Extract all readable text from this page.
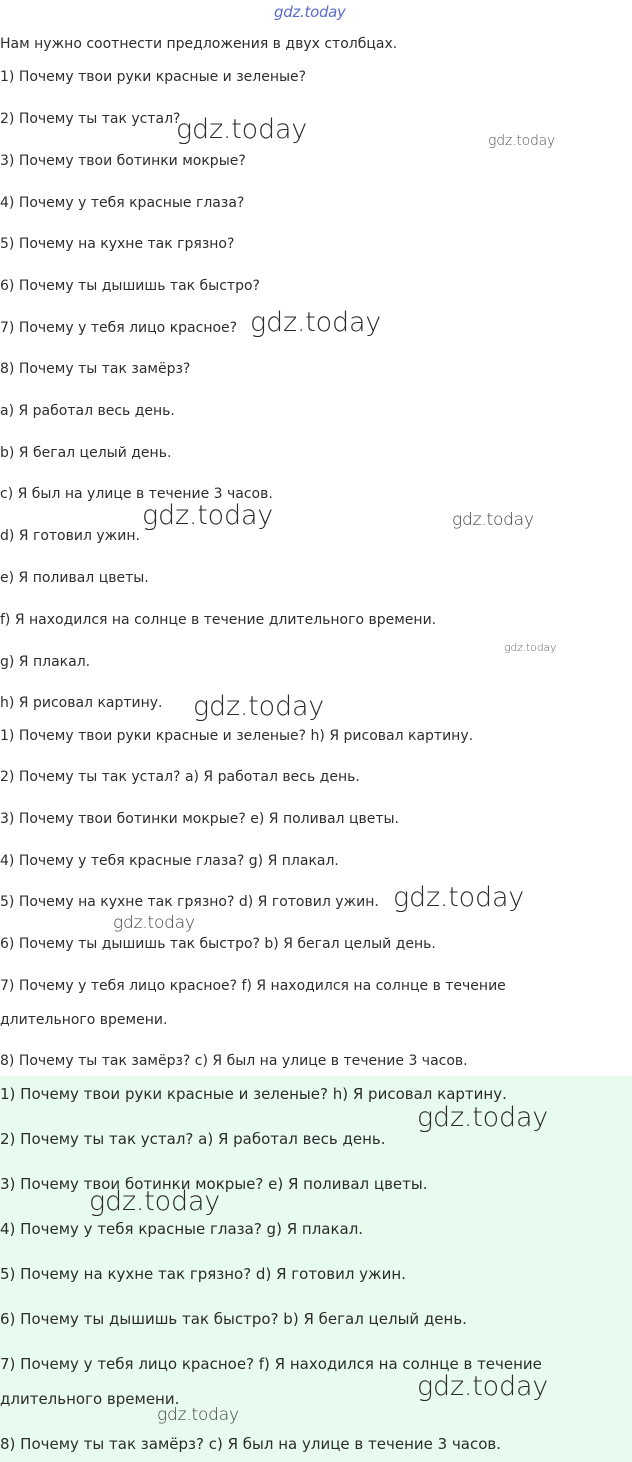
gdz.today
Нам нужно соотнести предложения в двух столбцах.
1) Почему твои руки красные и зеленые?
2) Почему ты так устал?
3) Почему твои ботинки мокрые?
4) Почему у тебя красные глаза?
5) Почему на кухне так грязно?
6) Почему ты дышишь так быстро?
7) Почему у тебя лицо красное?
8) Почему ты так замёрз?
a) Я работал весь день.
b) Я бегал целый день.
c) Я был на улице в течение 3 часов.
d) Я готовил ужин.
e) Я поливал цветы.
f) Я находился на солнце в течение длительного времени.
g) Я плакал.
h) Я рисовал картину.
1) Почему твои руки красные и зеленые? h) Я рисовал картину.
2) Почему ты так устал? a) Я работал весь день.
3) Почему твои ботинки мокрые? e) Я поливал цветы.
4) Почему у тебя красные глаза? g) Я плакал.
5) Почему на кухне так грязно? d) Я готовил ужин.
6) Почему ты дышишь так быстро? b) Я бегал целый день.
7) Почему у тебя лицо красное? f) Я находился на солнце в течение
длительного времени.
8) Почему ты так замёрз? c) Я был на улице в течение 3 часов.
1) Почему твои руки красные и зеленые? h) Я рисовал картину.
2) Почему ты так устал? a) Я работал весь день.
3) Почему твои ботинки мокрые? e) Я поливал цветы.
4) Почему у тебя красные глаза? g) Я плакал.
5) Почему на кухне так грязно? d) Я готовил ужин.
6) Почему ты дышишь так быстро? b) Я бегал целый день.
7) Почему у тебя лицо красное? f) Я находился на солнце в течение
длительного времени.
8) Почему ты так замёрз? c) Я был на улице в течение 3 часов.
gdz.today	gdz.today
gdz.today
gdz.today	gdz.today
gdz.today
gdz.today
gdz.today
gdz.today
gdz.today
gdz.today
gdz.today
gdz.today
